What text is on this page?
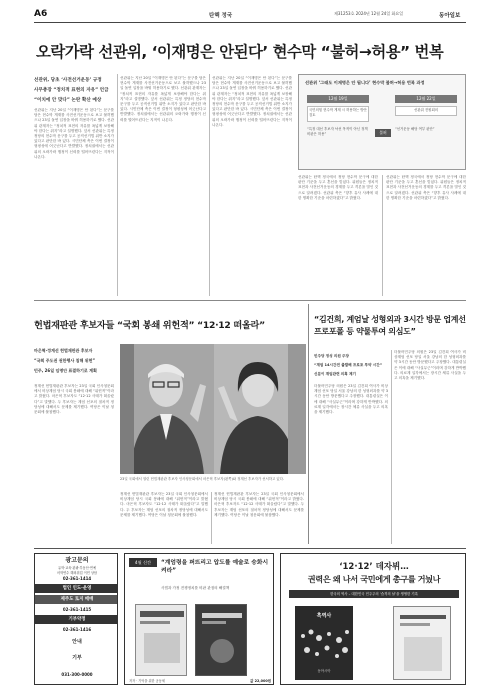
A6	탄핵 정국	제31253호 2024년 12월 24일 화요일	동아일보
오락가락 선관위, ‘이재명은 안된다’ 현수막 “불허→허용” 번복
선관위, 당초 ‘사전선거운동’ 규정
사무총장 “정치적 표현의 자유” 언급
“이치에 안 맞다” 논란 확산 예상
선관위는 지난 20일 “이재명은 안 된다”는 문구를 담은 현수막 게재를 사전선거운동으로 보고 불허했으나 23일 돌연 입장을 바꿔 허용하기로 했다. 선관위 관계자는 “정치적 표현의 자유를 폭넓게 보장해야 한다는 취지”라고 설명했다. 앞서 선관위는 특정 정당의 현수막 문구를 두고 공직선거법 위반 소지가 있다고 판단한 바 있다. 시민단체 측은 이번 결정이 형평성에 어긋난다고 반발했다. 정치권에서는 선관위의 오락가락 행정이 신뢰를 떨어뜨린다는 지적이 나온다.
선관위는 지난 20일 “이재명은 안 된다”는 문구를 담은 현수막 게재를 사전선거운동으로 보고 불허했으나 23일 돌연 입장을 바꿔 허용하기로 했다. 선관위 관계자는 “정치적 표현의 자유를 폭넓게 보장해야 한다는 취지”라고 설명했다. 앞서 선관위는 특정 정당의 현수막 문구를 두고 공직선거법 위반 소지가 있다고 판단한 바 있다. 시민단체 측은 이번 결정이 형평성에 어긋난다고 반발했다. 정치권에서는 선관위의 오락가락 행정이 신뢰를 떨어뜨린다는 지적이 나온다.
선관위는 지난 20일 “이재명은 안 된다”는 문구를 담은 현수막 게재를 사전선거운동으로 보고 불허했으나 23일 돌연 입장을 바꿔 허용하기로 했다. 선관위 관계자는 “정치적 표현의 자유를 폭넓게 보장해야 한다는 취지”라고 설명했다. 앞서 선관위는 특정 정당의 현수막 문구를 두고 공직선거법 위반 소지가 있다고 판단한 바 있다. 시민단체 측은 이번 결정이 형평성에 어긋난다고 반발했다. 정치권에서는 선관위의 오락가락 행정이 신뢰를 떨어뜨린다는 지적이 나온다.
선관위 ‘그래도 이재명은 안 됩니다’ 현수막 불허→허용 번복 과정
12월 19일	12월 22일
국민의힘 현수막 게재 시 허용하는 방안 검토
선관위 전원회의
“특정 대선 후보자 낙선 목적이 아닌 정책 비판은 허용”	불허
“선거운동 해당 여부 판단”
선관위는 탄핵 정국에서 정당 현수막 문구에 대한 판단 기준을 두고 혼선을 빚었다. 위원들은 정치적 표현과 사전선거운동의 경계를 두고 격론을 벌인 것으로 알려졌다. 선관위 측은 “향후 유사 사례에 대한 명확한 기준을 마련하겠다”고 밝혔다.
선관위는 탄핵 정국에서 정당 현수막 문구에 대한 판단 기준을 두고 혼선을 빚었다. 위원들은 정치적 표현과 사전선거운동의 경계를 두고 격론을 벌인 것으로 알려졌다. 선관위 측은 “향후 유사 사례에 대한 명확한 기준을 마련하겠다”고 밝혔다.
헌법재판관 후보자들 “국회 봉쇄 위헌적” “12·12 떠올라”
마은혁·정계선 헌법재판관 후보자
“국회 주도권 권한행사 침해 위헌”
민주, 26일 임명안 표결하기로 계획
정계선 헌법재판관 후보자는 23일 국회 인사청문회에서 비상계엄 당시 국회 봉쇄에 대해 “위헌적”이라고 밝혔다. 마은혁 후보자도 “12·12 사태가 떠올랐다”고 말했다. 두 후보자는 계엄 선포의 절차적 정당성에 대해서도 문제를 제기했다. 여당은 이날 청문회에 불참했다.
23일 국회에서 열린 헌법재판관 후보자 인사청문회에서 마은혁 후보자(왼쪽)와 정계선 후보자가 선서하고 있다.
정계선 헌법재판관 후보자는 23일 국회 인사청문회에서 비상계엄 당시 국회 봉쇄에 대해 “위헌적”이라고 밝혔다. 마은혁 후보자도 “12·12 사태가 떠올랐다”고 말했다. 두 후보자는 계엄 선포의 절차적 정당성에 대해서도 문제를 제기했다. 여당은 이날 청문회에 불참했다.
정계선 헌법재판관 후보자는 23일 국회 인사청문회에서 비상계엄 당시 국회 봉쇄에 대해 “위헌적”이라고 밝혔다. 마은혁 후보자도 “12·12 사태가 떠올랐다”고 말했다. 두 후보자는 계엄 선포의 절차적 정당성에 대해서도 문제를 제기했다. 여당은 이날 청문회에 불참했다.
“김건희, 계엄날 성형외과 3시간 방문 업계선 프로포폴 등 약물투여 의심도”
민주당 정성 의원 주장
“계엄 14시간전 출발해 프로포 투약 시간”
신분이 계엄관련 의혹 제기
더불어민주당 의원은 23일 김건희 여사가 비상계엄 선포 당일 서울 강남의 한 성형외과를 약 3시간 동안 방문했다고 주장했다. 대통령실은 이에 대해 “사실무근”이라며 강하게 반박했다. 의료계 일각에서는 장시간 체류 사실을 두고 의혹을 제기했다.
더불어민주당 의원은 23일 김건희 여사가 비상계엄 선포 당일 서울 강남의 한 성형외과를 약 3시간 동안 방문했다고 주장했다. 대통령실은 이에 대해 “사실무근”이라며 강하게 반박했다. 의료계 일각에서는 장시간 체류 사실을 두고 의혹을 제기했다.
광고문의
유학·교육·관광·부동산·연예
어학연수 해외취업 이민 상담
02-361-1414
법인 인도·운영
제주도 토지 매매
02-361-1415
기부약정
02-361-1416
안내
기부
031-300-0000
4월 신간	“계엄령을 퍼뜨리고 압도를 예술로 승화시켜라”
사법과 가정 전쟁정치를 비판 관점의 해결책
저자 · 기억을 위한 공동체	값 22,000원
‘12·12’ 데자뷔…
권력은 왜 나서 국민에게 총구를 거눴나
한국의 역사 – 대한민국 민주주의 ‘습격의 날’을 생생한 기록
흑역사
동아시아
